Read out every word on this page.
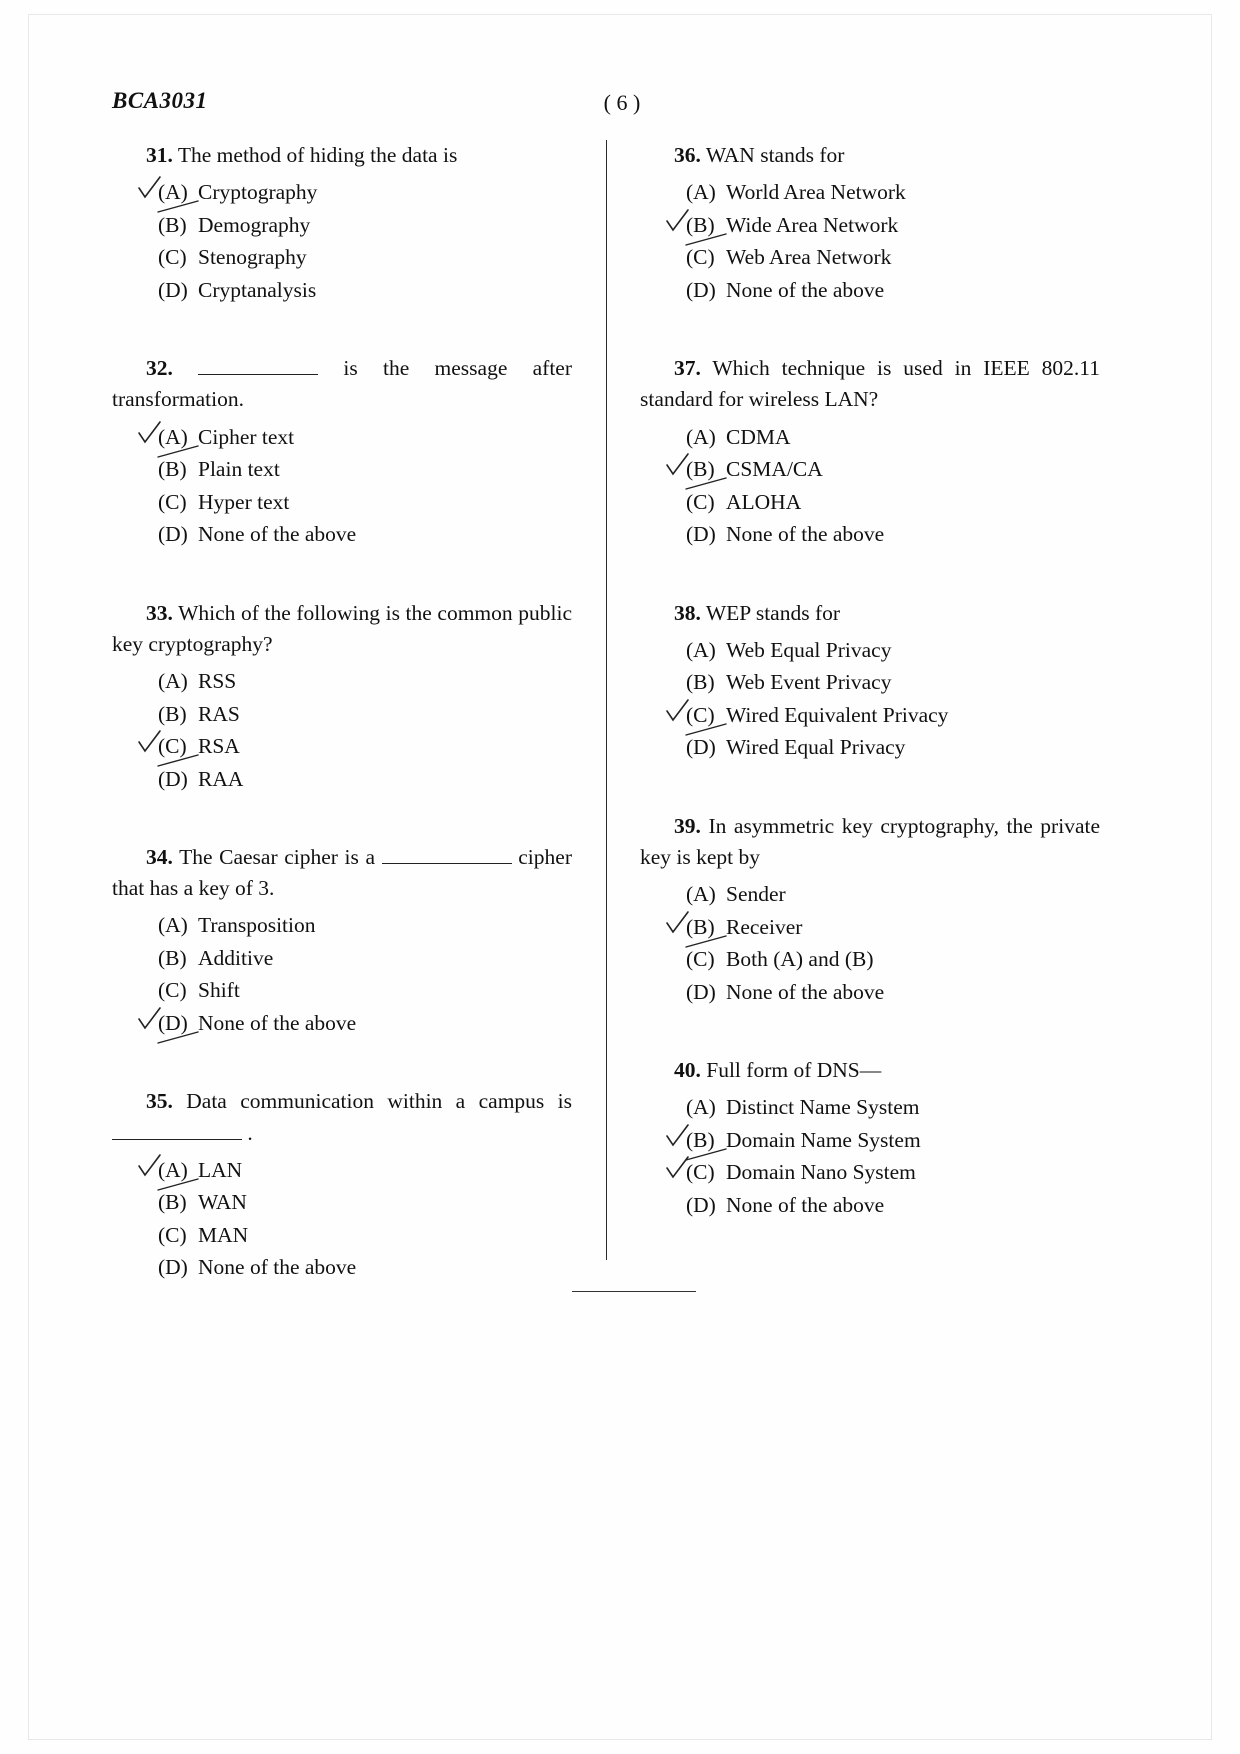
BCA3031	( 6 )

31. The method of hiding the data is

(A) Cryptography
(B) Demography
(C) Stenography
(D) Cryptanalysis

32.	is the message after transformation.

(A) Cipher text
(B) Plain text
(C) Hyper text
(D) None of the above

33. Which of the following is the common public key cryptography?

(A) RSS
(B) RAS
(C) RSA
(D) RAA

34. The Caesar cipher is a	cipher that has a key of 3.

(A) Transposition
(B) Additive
(C) Shift
(D) None of the above

35. Data communication within a campus is  .

(A) LAN
(B) WAN
(C) MAN
(D) None of the above

36. WAN stands for

(A) World Area Network
(B) Wide Area Network
(C) Web Area Network
(D) None of the above

37. Which technique is used in IEEE 802.11 standard for wireless LAN?

(A) CDMA
(B) CSMA/CA
(C) ALOHA
(D) None of the above

38. WEP stands for

(A) Web Equal Privacy
(B) Web Event Privacy
(C) Wired Equivalent Privacy
(D) Wired Equal Privacy

39. In asymmetric key cryptography, the private key is kept by

(A) Sender
(B) Receiver
(C) Both (A) and (B)
(D) None of the above

40. Full form of DNS—

(A) Distinct Name System
(B) Domain Name System
(C) Domain Nano System
(D) None of the above
